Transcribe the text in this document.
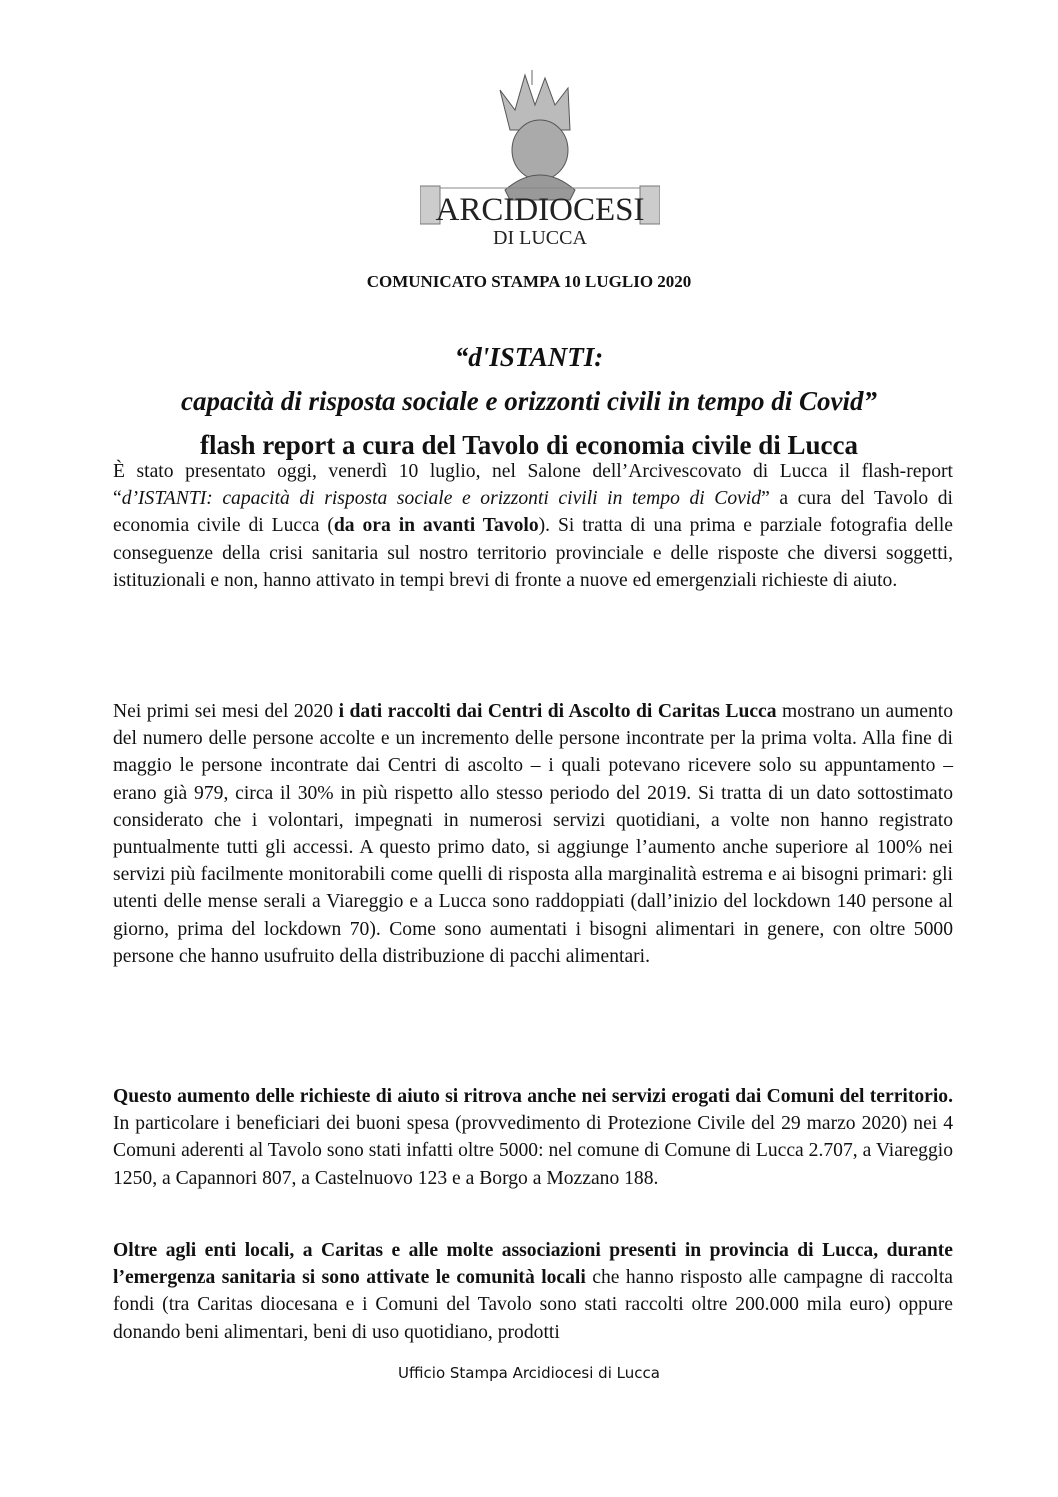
ARCIDIOCESI
DI LUCCA
COMUNICATO STAMPA 10 LUGLIO 2020
“d'ISTANTI:
capacità di risposta sociale e orizzonti civili in tempo di Covid”
flash report a cura del Tavolo di economia civile di Lucca
È stato presentato oggi, venerdì 10 luglio, nel Salone dell’Arcivescovato di Lucca il flash-report “d’ISTANTI: capacità di risposta sociale e orizzonti civili in tempo di Covid” a cura del Tavolo di economia civile di Lucca (da ora in avanti Tavolo). Si tratta di una prima e parziale fotografia delle conseguenze della crisi sanitaria sul nostro territorio provinciale e delle risposte che diversi soggetti, istituzionali e non, hanno attivato in tempi brevi di fronte a nuove ed emergenziali richieste di aiuto.
Nei primi sei mesi del 2020 i dati raccolti dai Centri di Ascolto di Caritas Lucca mostrano un aumento del numero delle persone accolte e un incremento delle persone incontrate per la prima volta. Alla fine di maggio le persone incontrate dai Centri di ascolto – i quali potevano ricevere solo su appuntamento – erano già 979, circa il 30% in più rispetto allo stesso periodo del 2019. Si tratta di un dato sottostimato considerato che i volontari, impegnati in numerosi servizi quotidiani, a volte non hanno registrato puntualmente tutti gli accessi. A questo primo dato, si aggiunge l’aumento anche superiore al 100% nei servizi più facilmente monitorabili come quelli di risposta alla marginalità estrema e ai bisogni primari: gli utenti delle mense serali a Viareggio e a Lucca sono raddoppiati (dall’inizio del lockdown 140 persone al giorno, prima del lockdown 70). Come sono aumentati i bisogni alimentari in genere, con oltre 5000 persone che hanno usufruito della distribuzione di pacchi alimentari.
Questo aumento delle richieste di aiuto si ritrova anche nei servizi erogati dai Comuni del territorio. In particolare i beneficiari dei buoni spesa (provvedimento di Protezione Civile del 29 marzo 2020) nei 4 Comuni aderenti al Tavolo sono stati infatti oltre 5000: nel comune di Comune di Lucca 2.707, a Viareggio 1250, a Capannori 807, a Castelnuovo 123 e a Borgo a Mozzano 188.
Oltre agli enti locali, a Caritas e alle molte associazioni presenti in provincia di Lucca, durante l’emergenza sanitaria si sono attivate le comunità locali che hanno risposto alle campagne di raccolta fondi (tra Caritas diocesana e i Comuni del Tavolo sono stati raccolti oltre 200.000 mila euro) oppure donando beni alimentari, beni di uso quotidiano, prodotti
Ufficio Stampa Arcidiocesi di Lucca
